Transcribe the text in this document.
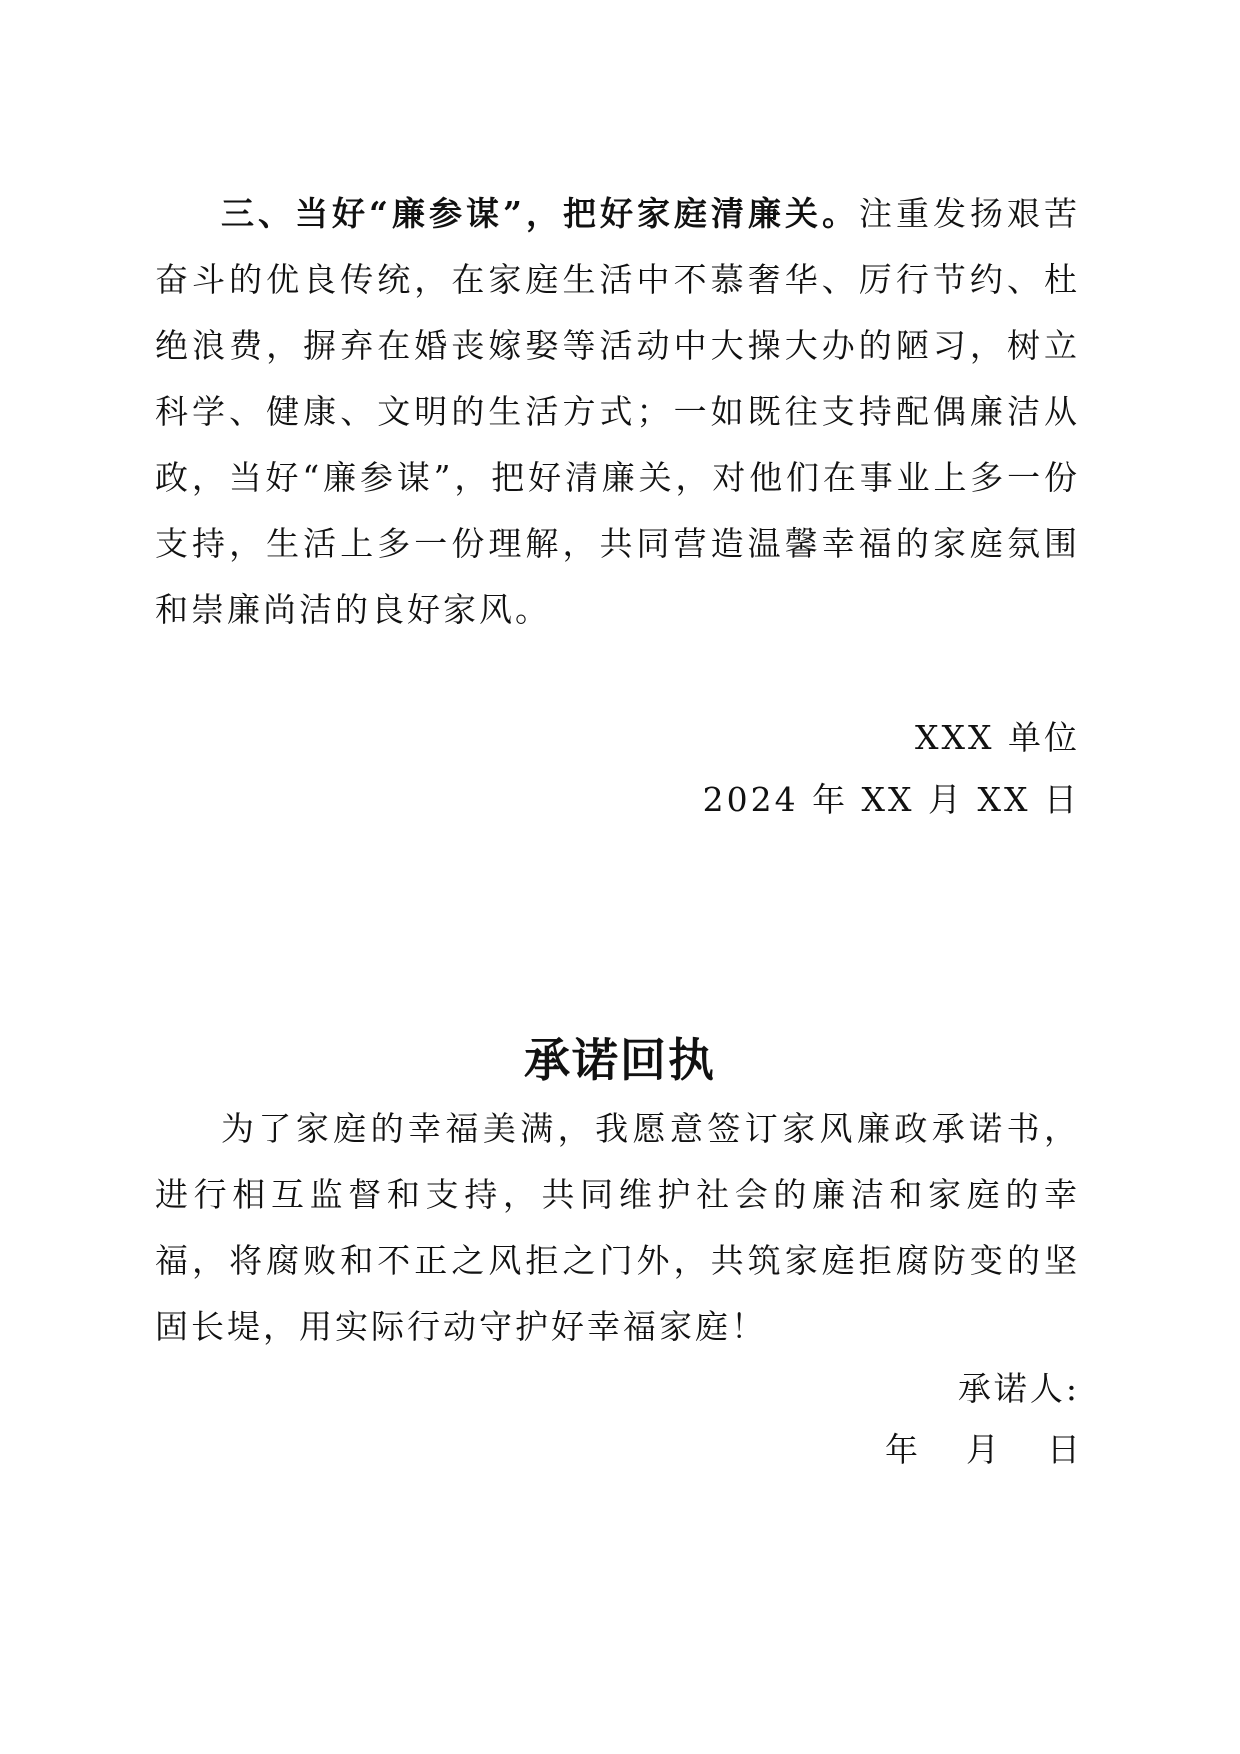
三、当好“廉参谋”，把好家庭清廉关。注重发扬艰苦奋斗的优良传统，在家庭生活中不慕奢华、厉行节约、杜绝浪费，摒弃在婚丧嫁娶等活动中大操大办的陋习，树立科学、健康、文明的生活方式；一如既往支持配偶廉洁从政，当好“廉参谋”，把好清廉关，对他们在事业上多一份支持，生活上多一份理解，共同营造温馨幸福的家庭氛围和崇廉尚洁的良好家风。

XXX 单位

2024 年 XX 月 XX 日

承诺回执

为了家庭的幸福美满，我愿意签订家风廉政承诺书，进行相互监督和支持，共同维护社会的廉洁和家庭的幸福，将腐败和不正之风拒之门外，共筑家庭拒腐防变的坚固长堤，用实际行动守护好幸福家庭！

承诺人:

年 月 日
